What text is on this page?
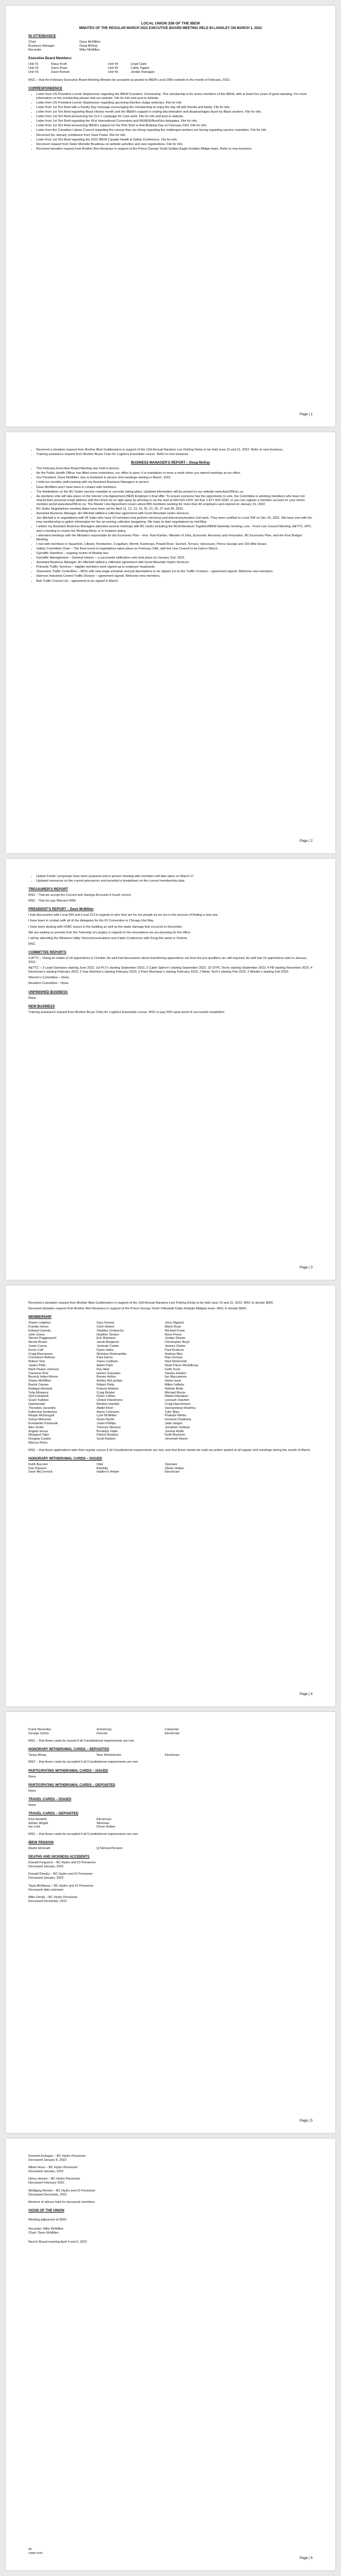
LOCAL UNION 258 OF THE IBEW

MINUTES OF THE REGULAR MARCH 2022 EXECUTIVE BOARD MEETING HELD IN LANGLEY ON MARCH 1, 2022

IN ATTENDANCE

Chair	Dave McMillen
Business Manager	Doug McKay
Recorder	Mike McMillen

Executive Board Members:

Unit #1	Klaus Kraft	Unit #4	Lloyd Clark
Unit #2	Garry Pope	Unit #5	Cathy Tapper
Unit #3	Dave Roman	Unit #6	Jordan Flanagan

MSC – that the February Executive Board Meeting Minutes be accepted as posted to IBEW Local 258’s website in the month of February, 2022.

CORRESPONDENCE

• Letter from US President Lonnie Stephenson regarding the IBEW Founders’ Scholarship. This scholarship is for active members of the IBEW, with at least four years of good standing. For more information on the scholarship please visit our website. File for info and post to website.
• Letter from US President Lonnie Stephenson regarding upcoming Election Judge webinars. File for info.
• Letter from 1st Tort Reid with a Family Day message encouraging the membership to enjoy the day off with friends and family. File for info.
• Letter from 1st Tort Reid regarding Black History month and the IBEW’s support in ending discrimination and disadvantages faced by Black workers. File for info.
• Letter from 1st Tort Reid announcing the CLC’s campaign for Care work. File for info and post to website.
• Letter from 1st Tort Reid regarding the 41st International Convention and RENEW/NextGen delegates. File for info.
• Letter from 1st Tort Reid announcing IBEW’s support for the Pink Shirt or Anti-Bullying Day on February 23rd. File for info.
• Letter from the Canadian Labour Council regarding the convoy they are doing regarding the challenges workers are facing regarding vaccine mandates. File for info.
• Received the January remittance from Sask Power. File for info.
• Letter from 1st Tort Reid regarding the 2022 IBEW Canada Health & Safety Conference. File for info.
• Received request from Sister Michelle Boudreau on website activities and new registrations. File for info.
• Received donation request from Brother Ben Rouleaux in support of the Prince George Youth Golden Eagle Kodiaks Midget team. Refer to new business.
Page | 1
• Received a donation request from Brother Blair Guildenstern in support of the 11th Annual Nanaimo Lee Fishing Derby to be held June 10 and 11, 2022. Refer to new business.
• Training assistance request from Brother Bryan Chan for Logistics Essentials course. Refer to new business.

BUSINESS MANAGER’S REPORT – Doug McKay

• The February Executive Board Meeting was held in person.
• As the Public Health Officer has lifted some restrictions, our office is open. It is mandatory to wear a mask when you attend meetings at our office.
• Our President, Dave McMillen, has re-instituted in person Unit meetings starting in March, 2022.
• I held our monthly staff meeting with my Assistant Business Managers in person.
• Dave McMillen and I have been in contact with members.
• The Arbitrations on the BC Hydro vaccine mandate is currently taking place. Updated information will be posted on our website www.ibew258.bc.ca.
• As elections vote will take place on the Interior Line Agreement (NEW Employer’s final offer. To ensure everyone has the opportunity to vote, the Committee is advising members who have not shared their personal email address with the Union do so right away by phoning in via the mail at 604-520-1200, toll free 1-877-920-3293, or you can register a member account on your Union member portal www.ibew258.bc.ca. The Master Line Agreement covers about 800 members working for more than 40 employers and expired on January 31, 2022.
• BC Hydro Negotiations meeting dates have been set for April 11, 12, 13, 19, 20, 21, 26, 27 and 28, 2022.
• Assistant Business Manager Jim Mitchell ratified a collective agreement with Good Mountain Hydro Services.
• Jon Mitchell is in negotiations with IR Safer who have 10 members that perform electrical and telecommunication civil work. They were certified to Local 258 on Dec 20, 2021. We have met with the new membership to gather information for the up-coming collective bargaining. We hope to start negotiations by mid-May.
• I and/or my Assistant Business Managers attended several meetings with BC Hydro including the BCH/Skookum Together/IBEW biweekly meeting; Line - Front Line Council Meeting; A&TTC; SPC; and a meeting to review the Working Alone or in Isolation policy.
• I attended meetings with the Ministers responsible for the Economic Plan – Hon. Ravi Kahlon, Minister of Jobs, Economic Recovery and Innovation, BC Economic Plan, and the Post Budget Meeting.
• I met with members in Squamish, Lillooet, Pemberton, Coquitlam, Merritt, Kamloops, Powell River, Sechelt, Terrace, Vancouver, Prince George and 150 Mile House.
• Safety Committee Chair – The final round of negotiations takes place on February 24th, with the Line Council to be held in March.
• Gymaffic Stamford – ongoing review of Module two.
• Gymaffic Management – General Interior – a successful ratification vote took place on January 2nd, 2022.
• Assistant Business Manager Jim Mitchell ratified a collective agreement with Good Mountain Hydro Services.
• Primarily Traffic Services – eligible members were signed up to employer headcards.
• Shoreview Traffic Controllers – MOU with new wage schedule and job descriptions to be signed 1st on the Traffic Contract – agreement signed. Welcome new members.
• Harrison Industrial Control Traffic Division – agreement signed. Welcome new members.
• Belt Traffic Control Ltd – agreement to be signed in March.
Page | 2
• Hobart Foods I proposals have been prepared and in person meeting with members will take place on March 17.
• Updated resources on the current grievances and provided a breakdown on the current membership data.

TREASURER’S REPORT

MSC - That we accept the Current and Savings Accounts if found correct.

MSC - That we pay Warrant #658

PRESIDENT’S REPORT – Dave McMillen

I had discussions with Local 993 and Local 213 in regards to who they are for ten people as we are in the process of finding a new one.

I have been in contact with all of the delegates for the IO Convention in Chicago this May.

I have been dealing with HVAC issues in the building as well as the water damage that occurred in December.

We are waiting on permits from the Township of Langley in regards to the renovations we are planning for the office.

I will be attending the Ministers Utility Telecommunications and Cable Conference with Doug this week in Victoria.

MSC

COMMITTEE REPORTS

ILATTC – Doing an intake of 18 apprentices in October. As well had discussions about transferring apprentices out from the pre-qualifiers are still required. As well had 16 apprentices start in January 2022.

A&TTC – 3 Lead Operators starting June 2022, 1st PLT’s starting September 2022, 2 Cable Splicer’s starting September 2022, 15 STPC Techs starting September 2022, 4 PB starting November 2022, 4 Electrician’s starting February 2023, 2 Gas Machine’s starting February 2023, 2 Pwer Mechanic’s starting February 2023, 2 Meter Tech’s starting Feb 2023, 2 Winder’s starting Feb 2023.

Women’s Committee – None.

Resident Committee – None.

UNFINISHED BUSINESS

None.

NEW BUSINESS

Training assistance request from Brother Bryan Chan for Logistics Essentials course. MSC to pay 50% upon proof of successful completion.

Page | 3

Received a donation request from Brother Blair Guildenstern in support of the 11th Annual Nanaimo Line Fishing Derby to be held June 10 and 11, 2022. MSC to donate $500.

Received donation request from Brother Ben Rouleaux in support of the Prince George Youth Volleyball Clubs Kodiaks Midgets team. MSC to donate $500.

MEMBERSHIP

Shane Leighton	Gary Dennis	Jerry Digiand
Frankie Heron	Colin Hebert	Mario Rose
Edward Zamela	Sheldon Crebarchy	Michael Foote
John Jones	Heather Tomins	Renn Perez
Steven Poggenpohl	Eric Robeson	Jordan Shantz
Nicole Brown	Jacob Bergeron	Christopher Boyd
Justin Carver	Joshuah Cartier	Jeremy Clarke
Kevin Cuff	Dylan Heike	Paul Koshure
Craig Macnaman	Nicholas Rodmaniller	Andrew Muir
Constance Belleau	Paul Garza	Ray Cenosa
Robert Yest	Owen Lindham	Noel McDermid
Jaylen Piele	Adam Palm	Noah Pierre McGillivray
Mark Pisano Johnson	Roy Abel	Faith Ocek
Cameron Pick	Hunter Gonzales	Sandra Harlem
Beverly Iodeo-Moore	Renee Hollon	Ian Maccamere
Shane McMillen	Ashley McLachlan	Heine Issac
Bashir Osman	Robert Petty	Millen Valleila
Radigan Armand	Francis Antoine	Nathan Betty
Yulia Minaeva	Craig Bolster	Michael Bozzo
Gell Campbell	Dylan Collins	Mattel Dianabarr
Grant Yudelan	Clinton Fitzsimons	Leonard Joachim
Hammerald	Reuben Hambly	Craig Hanchmann
Theodore Jaramillo	Abdel Khori	Varmandeep Khokhra
Katherine Kimberley	Aaron Lehmann	Tyler Mies
Megan McDougall	Lyris McMillan	Prakash Mehta
Sonya Menasse	Gavin Myrtle	Genevio Ozaltonia
Konstantin Pavlovski	Justin Phillips	Jade Saigon
Alex Smith	Theresa Stevens	Jonathan Sullivan
Angela Venus	Brooklyn Vattie	Joshua Wolfe
Margaret Yabe	Patrick Buckley	Keith Buckmin
Douglas Coates	Scott Hadsen	Jeremiah Haves
Marcus Flynn

MSC – that these applications take their regular course if all Constitutional requirements are met, and that these names be read out and/or posted at all regular Unit meetings during the month of March.

HONORARY WITHDRAWAL CARDS – ISSUED

Keith Buccion	Oiler	Operator
Dan Klassen	Bambky	Shiser Helper
Sean McCormick	Hadlen’s Helper	Electrician
Page | 4
Frank Nexovitec	Armstrong	Carpenter
George Zylicio	Duncan	Electrician

MSC – that these cards be issued if all Constitutional requirements are met.

HONORARY WITHDRAWAL CARDS – DEPOSITED

Tanya Wong	New Westminster	Electrician

MSC – that these cards be accepted if all Constitutional requirements are met.

PARTICIPATING WITHDRAWAL CARDS – ISSUED

None

PARTICIPATING WITHDRAWAL CARDS – DEPOSITED

None

TRAVEL CARDS – ISSUED

None

TRAVEL CARDS – DEPOSITED

Finn Hordetti	Electrician
Ashley Wright	Wireman
Ian Lord	Driver Helper

MSC – that these cards be accepted if all Constitutional requirements are met.

IBEW PENSION

Martin McGrath	Q Normal Pension

DEATHS AND SICKNESS ACCIDENTS

Donald Ferguson – BC Hydro and IO Pensioner
Deceased January, 2022

Donald Dimsky – BC Hydro and IO Pensioner
Deceased January, 2022

Tayla McManus – BC Hydro and IO Pensioner
Deceased date unknown

Mike Zmrak – BC Hydro Pensioner
Deceased December, 2021

Page | 5

Kenneth Erdogan – BC Hydro Pensioner
Deceased January 8, 2022

Albert Hunn – BC Hydro Pensioner
Deceased January, 2022

Henry Hessel – BC Hydro Pensioner
Deceased February 2022

Wolfgang Brooks – BC Hydro and IO Pensioner
Deceased December, 2021

Moment of silence held for deceased members.

GOOD OF THE UNION

Meeting adjourned at 0820

Recorder: Mike McMillen

Chair: Dave McMillen

Next E-Board meeting April 4 and 6, 2022

ek
cope-cxxx
Page | 6
